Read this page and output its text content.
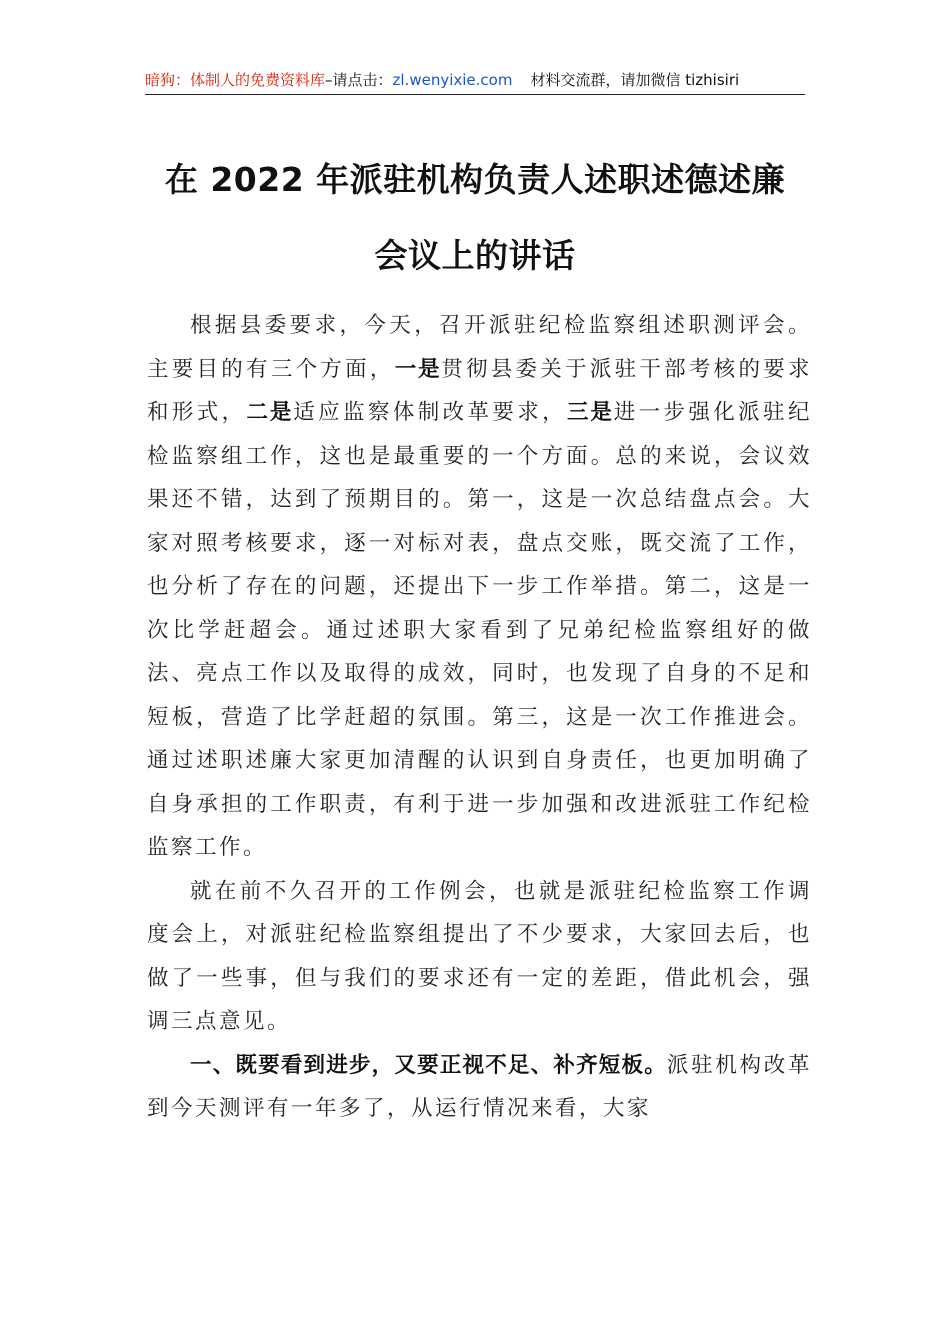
暗狗：体制人的免费资料库–请点击：zl.wenyixie.com 材料交流群，请加微信 tizhisiri
在 2022 年派驻机构负责人述职述德述廉
会议上的讲话

根据县委要求，今天，召开派驻纪检监察组述职测评会。主要目的有三个方面，一是贯彻县委关于派驻干部考核的要求和形式，二是适应监察体制改革要求，三是进一步强化派驻纪检监察组工作，这也是最重要的一个方面。总的来说，会议效果还不错，达到了预期目的。第一，这是一次总结盘点会。大家对照考核要求，逐一对标对表，盘点交账，既交流了工作，也分析了存在的问题，还提出下一步工作举措。第二，这是一次比学赶超会。通过述职大家看到了兄弟纪检监察组好的做法、亮点工作以及取得的成效，同时，也发现了自身的不足和短板，营造了比学赶超的氛围。第三，这是一次工作推进会。通过述职述廉大家更加清醒的认识到自身责任，也更加明确了自身承担的工作职责，有利于进一步加强和改进派驻工作纪检监察工作。

就在前不久召开的工作例会，也就是派驻纪检监察工作调度会上，对派驻纪检监察组提出了不少要求，大家回去后，也做了一些事，但与我们的要求还有一定的差距，借此机会，强调三点意见。

一、既要看到进步，又要正视不足、补齐短板。派驻机构改革到今天测评有一年多了，从运行情况来看，大家
